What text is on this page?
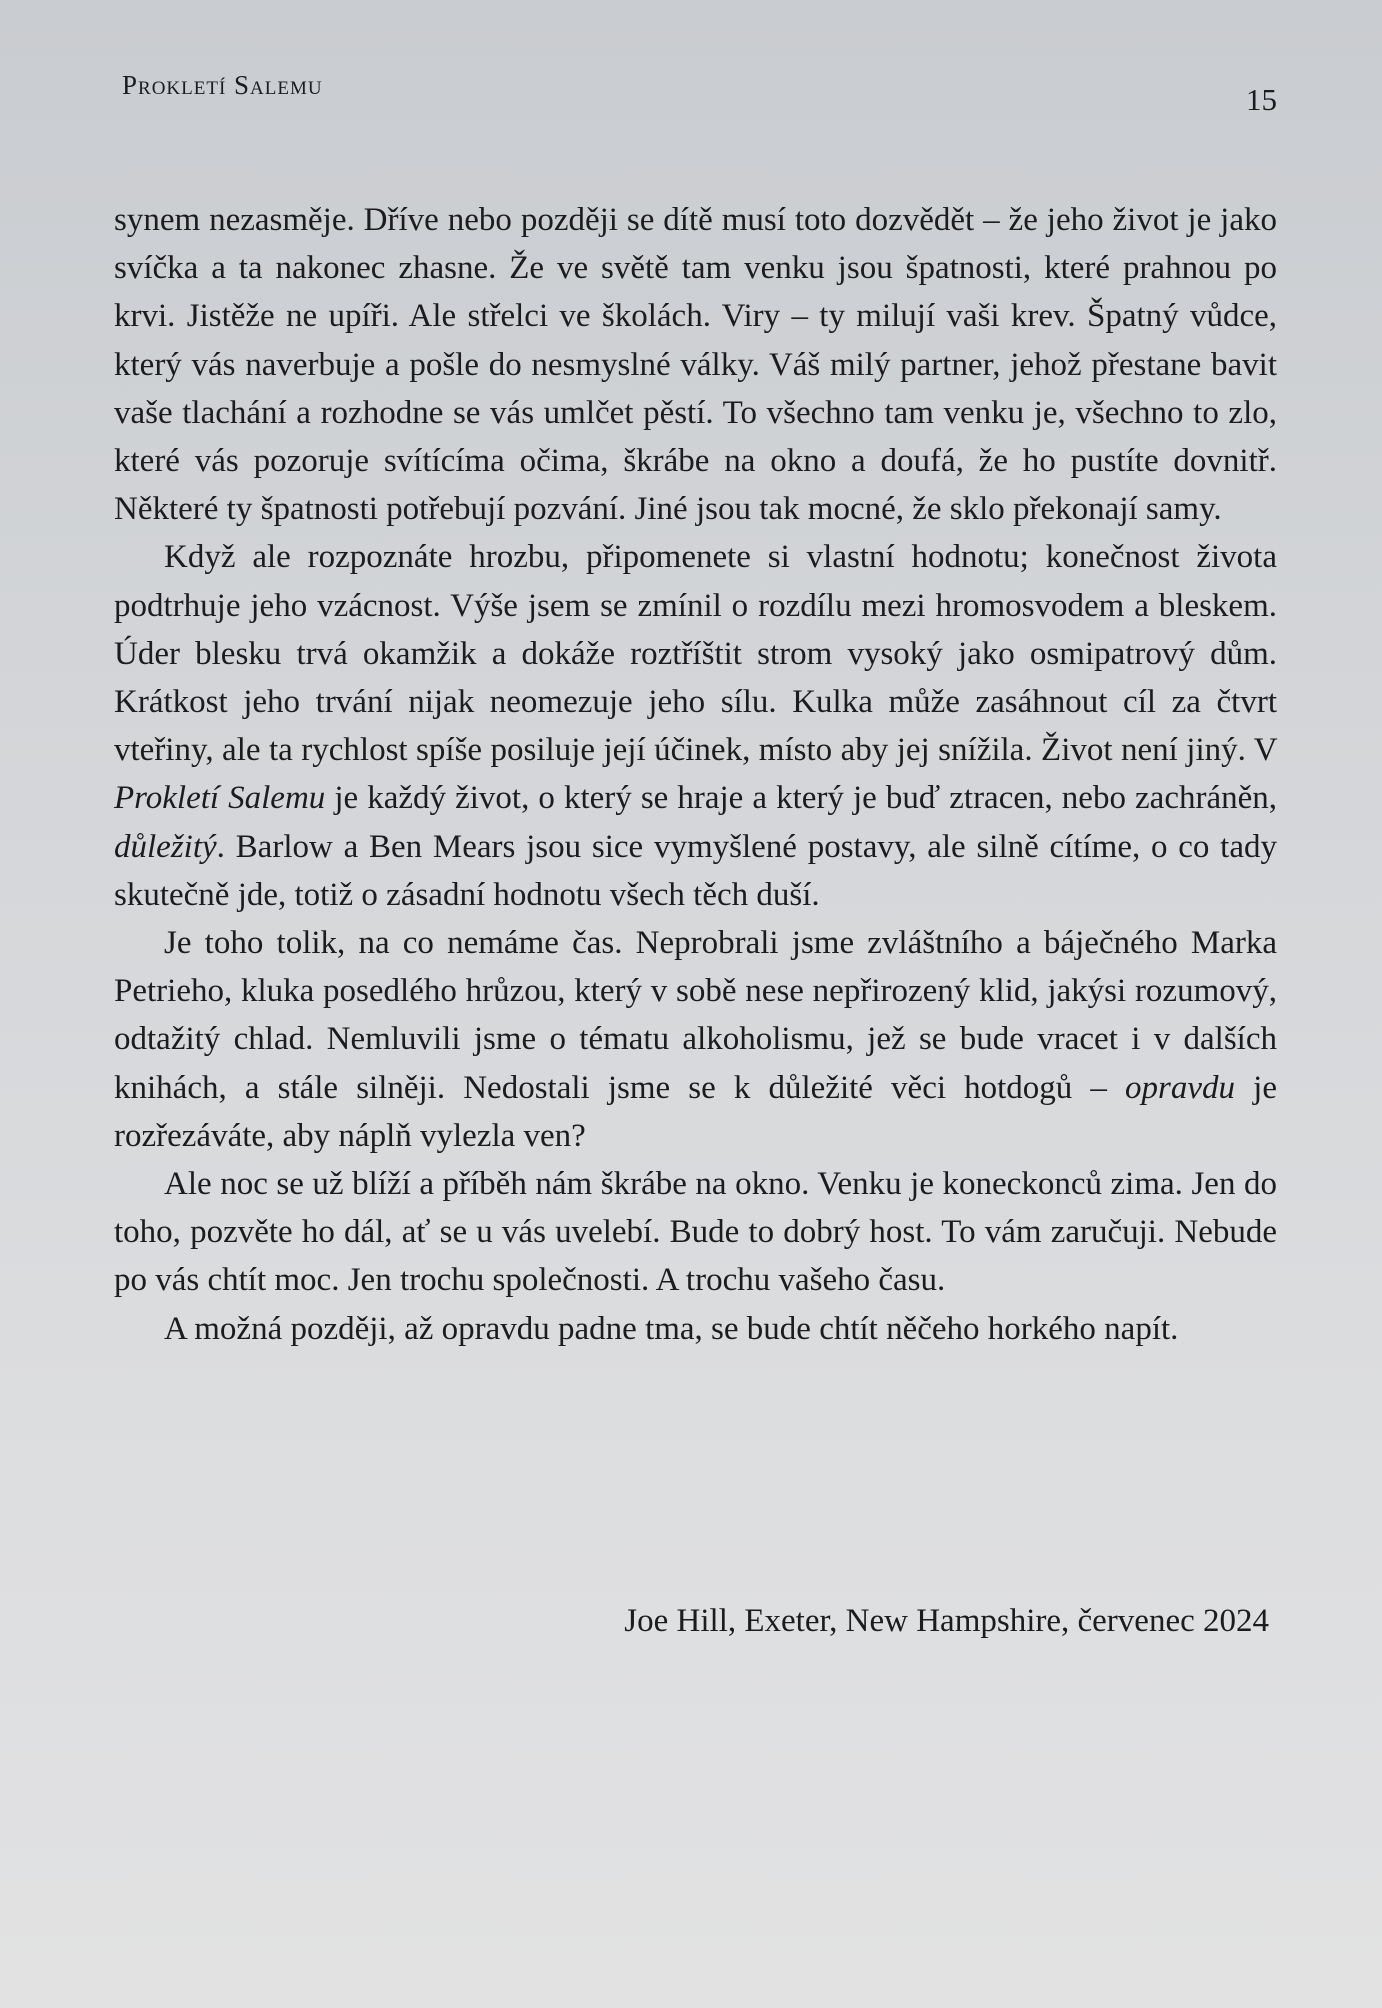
Prokletí Salemu	15

synem nezasměje. Dříve nebo později se dítě musí toto dozvědět – že jeho život je jako svíčka a ta nakonec zhasne. Že ve světě tam venku jsou špatnosti, které prahnou po krvi. Jistěže ne upíři. Ale střelci ve školách. Viry – ty milují vaši krev. Špatný vůdce, který vás naverbuje a pošle do nesmyslné války. Váš milý partner, jehož přestane bavit vaše tlachání a rozhodne se vás umlčet pěstí. To všechno tam venku je, všechno to zlo, které vás pozoruje svítícíma očima, škrábe na okno a doufá, že ho pustíte dovnitř. Některé ty špatnosti potřebují pozvání. Jiné jsou tak mocné, že sklo překonají samy.

Když ale rozpoznáte hrozbu, připomenete si vlastní hodnotu; konečnost života podtrhuje jeho vzácnost. Výše jsem se zmínil o rozdílu mezi hromosvodem a bleskem. Úder blesku trvá okamžik a dokáže roztříštit strom vysoký jako osmipatrový dům. Krátkost jeho trvání nijak neomezuje jeho sílu. Kulka může zasáhnout cíl za čtvrt vteřiny, ale ta rychlost spíše posiluje její účinek, místo aby jej snížila. Život není jiný. V Prokletí Salemu je každý život, o který se hraje a který je buď ztracen, nebo zachráněn, důležitý. Barlow a Ben Mears jsou sice vymyšlené postavy, ale silně cítíme, o co tady skutečně jde, totiž o zásadní hodnotu všech těch duší.

Je toho tolik, na co nemáme čas. Neprobrali jsme zvláštního a báječného Marka Petrieho, kluka posedlého hrůzou, který v sobě nese nepřirozený klid, jakýsi rozumový, odtažitý chlad. Nemluvili jsme o tématu alkoholismu, jež se bude vracet i v dalších knihách, a stále silněji. Nedostali jsme se k důležité věci hotdogů – opravdu je rozřezáváte, aby náplň vylezla ven?

Ale noc se už blíží a příběh nám škrábe na okno. Venku je koneckonců zima. Jen do toho, pozvěte ho dál, ať se u vás uvelebí. Bude to dobrý host. To vám zaručuji. Nebude po vás chtít moc. Jen trochu společnosti. A trochu vašeho času.

A možná později, až opravdu padne tma, se bude chtít něčeho horkého napít.

Joe Hill, Exeter, New Hampshire, červenec 2024
